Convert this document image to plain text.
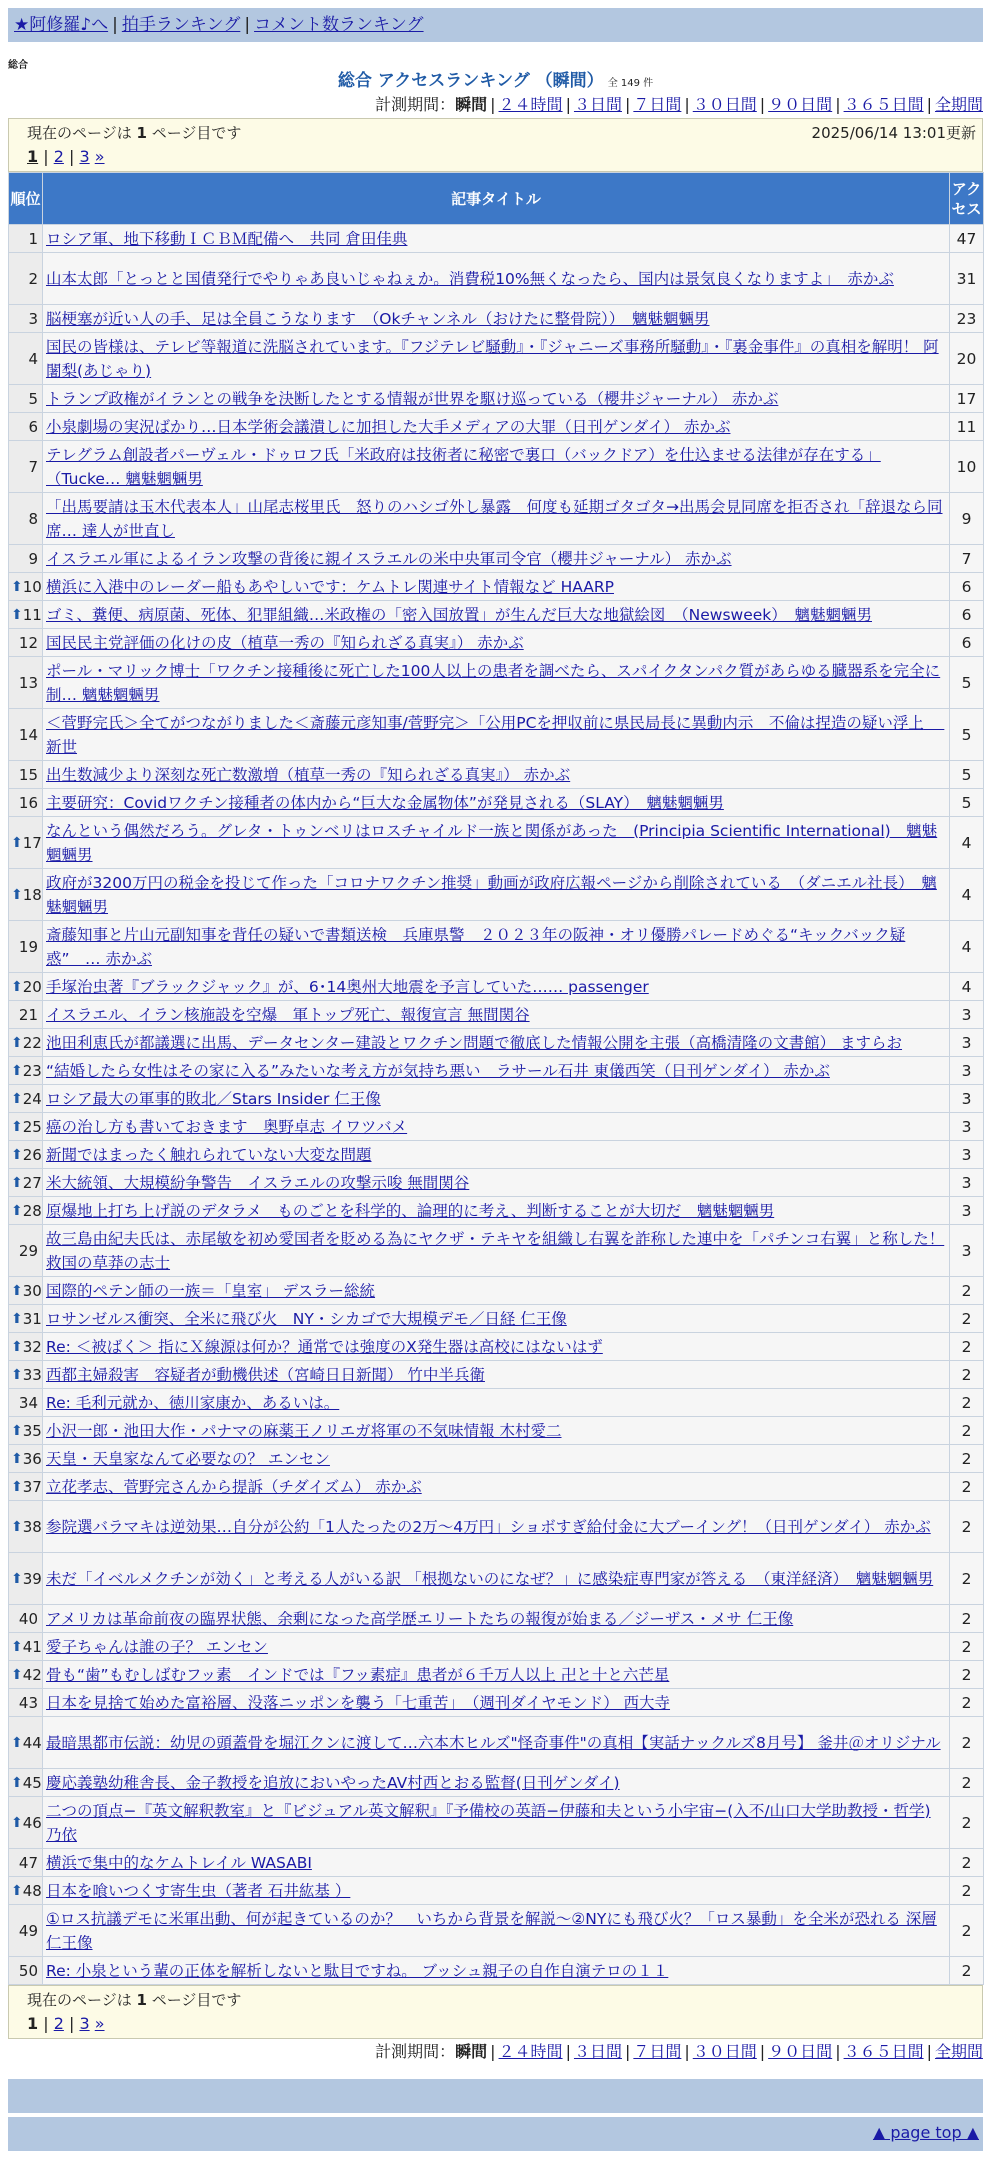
★阿修羅♪へ | 拍手ランキング | コメント数ランキング
総合
総合 アクセスランキング （瞬間） 全 149 件
計測期間：瞬間 | ２４時間 | ３日間 | ７日間 | ３０日間 | ９０日間 | ３６５日間 | 全期間
現在のページは 1 ページ目です	2025/06/14 13:01更新
1 | 2 | 3 »
順位	記事タイトル	アクセス
1	ロシア軍、地下移動ＩＣＢＭ配備へ　共同 倉田佳典	47
2	山本太郎「とっとと国債発行でやりゃあ良いじゃねぇか。消費税10%無くなったら、国内は景気良くなりますよ」　赤かぶ	31
3	脳梗塞が近い人の手、足は全員こうなります　（Okチャンネル（おけたに整骨院））　魑魅魍魎男	23
4	国民の皆様は、テレビ等報道に洗脳されています。『フジテレビ騒動』・『ジャニーズ事務所騒動』・『裏金事件』の真相を解明！ 阿闍梨(あじゃり)	20
5	トランプ政権がイランとの戦争を決断したとする情報が世界を駆け巡っている（櫻井ジャーナル） 赤かぶ	17
6	小泉劇場の実況ばかり…日本学術会議潰しに加担した大手メディアの大罪（日刊ゲンダイ） 赤かぶ	11
7	テレグラム創設者パーヴェル・ドゥロフ氏「米政府は技術者に秘密で裏口（バックドア）を仕込ませる法律が存在する」（Tucke… 魑魅魍魎男	10
8	「出馬要請は玉木代表本人」山尾志桜里氏　怒りのハシゴ外し暴露　何度も延期ゴタゴタ→出馬会見同席を拒否され「辞退なら同席… 達人が世直し	9
9	イスラエル軍によるイラン攻撃の背後に親イスラエルの米中央軍司令官（櫻井ジャーナル） 赤かぶ	7

⬆ 10	横浜に入港中のレーダー船もあやしいです：ケムトレ関連サイト情報など HAARP	6

⬆ 11	ゴミ、糞便、病原菌、死体、犯罪組織…米政権の「密入国放置」が生んだ巨大な地獄絵図　（Newsweek）　魑魅魍魎男	6
12	国民民主党評価の化けの皮（植草一秀の『知られざる真実』） 赤かぶ	6
13	ポール・マリック博士「ワクチン接種後に死亡した100人以上の患者を調べたら、スパイクタンパク質があらゆる臓器系を完全に制… 魑魅魍魎男	5
14	＜菅野完氏＞全てがつながりました＜斎藤元彦知事/菅野完＞「公用PCを押収前に県民局長に異動内示　不倫は捏造の疑い浮上　 新世	5
15	出生数減少より深刻な死亡数激増（植草一秀の『知られざる真実』） 赤かぶ	5
16	主要研究：Covidワクチン接種者の体内から“巨大な金属物体”が発見される（SLAY）　魑魅魍魎男	5

⬆ 17	なんという偶然だろう。グレタ・トゥンベリはロスチャイルド一族と関係があった　(Principia Scientific International)　魑魅魍魎男	4

⬆ 18	政府が3200万円の税金を投じて作った「コロナワクチン推奨」動画が政府広報ページから削除されている　（ダニエル社長）　魑魅魍魎男	4
19	斎藤知事と片山元副知事を背任の疑いで書類送検　兵庫県警　２０２３年の阪神・オリ優勝パレードめぐる“キックバック疑惑”　… 赤かぶ	4

⬆ 20	手塚治虫著『ブラックジャック』が、6･14奥州大地震を予言していた…… passenger	4
21	イスラエル、イラン核施設を空爆　軍トップ死亡、報復宣言 無間関谷	3

⬆ 22	池田利恵氏が都議選に出馬、データセンター建設とワクチン問題で徹底した情報公開を主張（高橋清隆の文書館） ますらお	3

⬆ 23	“結婚したら女性はその家に入る”みたいな考え方が気持ち悪い　ラサール石井 東儀西笑（日刊ゲンダイ） 赤かぶ	3

⬆ 24	ロシア最大の軍事的敗北／Stars Insider 仁王像	3

⬆ 25	癌の治し方も書いておきます　奥野卓志 イワツバメ	3

⬆ 26	新聞ではまったく触れられていない大変な問題	3

⬆ 27	米大統領、大規模紛争警告　イスラエルの攻撃示唆 無間関谷	3

⬆ 28	原爆地上打ち上げ説のデタラメ　ものごとを科学的、論理的に考え、判断することが大切だ　魑魅魍魎男	3
29	故三島由紀夫氏は、赤尾敏を初め愛国者を貶める為にヤクザ・テキヤを組織し右翼を詐称した連中を「パチンコ右翼」と称した！ 救国の草莽の志士	3

⬆ 30	国際的ペテン師の一族＝「皇室」 デスラー総統	2

⬆ 31	ロサンゼルス衝突、全米に飛び火　NY・シカゴで大規模デモ／日経 仁王像	2

⬆ 32	Re: ＜被ばく＞ 指にＸ線源は何か？通常では強度のX発生器は高校にはないはず	2

⬆ 33	西都主婦殺害　容疑者が動機供述（宮崎日日新聞） 竹中半兵衛	2
34	Re: 毛利元就か、徳川家康か、あるいは。	2

⬆ 35	小沢一郎・池田大作・パナマの麻薬王ノリエガ将軍の不気味情報 木村愛二	2

⬆ 36	天皇・天皇家なんて必要なの？ エンセン	2

⬆ 37	立花孝志、菅野完さんから提訴（チダイズム） 赤かぶ	2

⬆ 38	参院選バラマキは逆効果…自分が公約「1人たったの2万〜4万円」ショボすぎ給付金に大ブーイング！（日刊ゲンダイ） 赤かぶ	2

⬆ 39	未だ「イベルメクチンが効く」と考える人がいる訳 「根拠ないのになぜ？」に感染症専門家が答える　（東洋経済）　魑魅魍魎男	2
40	アメリカは革命前夜の臨界状態、余剰になった高学歴エリートたちの報復が始まる／ジーザス・メサ 仁王像	2

⬆ 41	愛子ちゃんは誰の子？ エンセン	2

⬆ 42	骨も“歯”もむしばむフッ素　インドでは『フッ素症』患者が６千万人以上 卍と十と六芒星	2
43	日本を見捨て始めた富裕層、没落ニッポンを襲う「七重苦」　（週刊ダイヤモンド） 西大寺	2

⬆ 44	最暗黒都市伝説：幼児の頭蓋骨を堀江クンに渡して…六本木ヒルズ"怪奇事件"の真相【実話ナックルズ8月号】 釜井＠オリジナル	2

⬆ 45	慶応義塾幼稚舎長、金子教授を追放においやったAV村西とおる監督(日刊ゲンダイ)	2

⬆ 46	二つの頂点−『英文解釈教室』と『ビジュアル英文解釈』『予備校の英語−伊藤和夫という小宇宙−(入不/山口大学助教授・哲学) 乃依	2
47	横浜で集中的なケムトレイル WASABI	2

⬆ 48	日本を喰いつくす寄生虫（著者 石井紘基 ）	2
49	①ロス抗議デモに米軍出動、何が起きているのか？　いちから背景を解説〜②NYにも飛び火？「ロス暴動」を全米が恐れる 深層 仁王像	2
50	Re: 小泉という輩の正体を解析しないと駄目ですね。 ブッシュ親子の自作自演テロの１１	2
現在のページは 1 ページ目です
1 | 2 | 3 »
計測期間：瞬間 | ２４時間 | ３日間 | ７日間 | ３０日間 | ９０日間 | ３６５日間 | 全期間
▲ page top ▲
